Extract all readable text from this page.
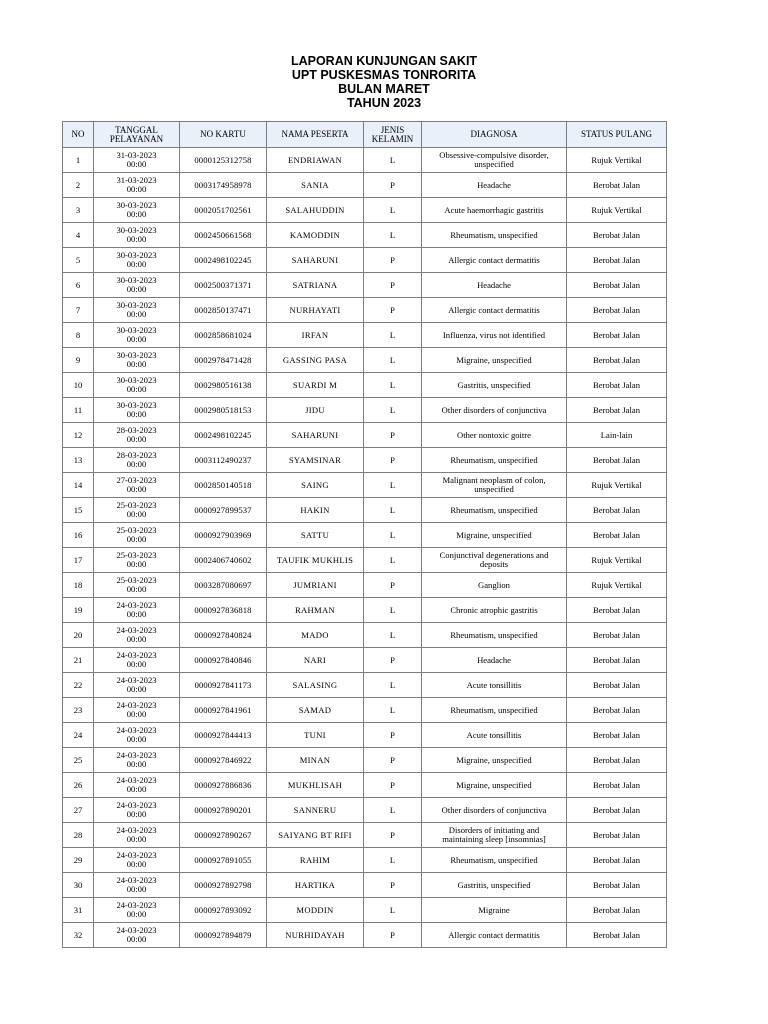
LAPORAN KUNJUNGAN SAKIT
UPT PUSKESMAS TONRORITA
BULAN MARET
TAHUN 2023
NO	TANGGAL
PELAYANAN	NO KARTU	NAMA PESERTA	JENIS
KELAMIN	DIAGNOSA	STATUS PULANG

1	31-03-2023
00:00	0000125312758	ENDRIAWAN	L	Obsessive-compulsive disorder,
unspecified	Rujuk Vertikal

2	31-03-2023
00:00	0003174958978	SANIA	P	Headache	Berobat Jalan

3	30-03-2023
00:00	0002051702561	SALAHUDDIN	L	Acute haemorrhagic gastritis	Rujuk Vertikal

4	30-03-2023
00:00	0002450661568	KAMODDIN	L	Rheumatism, unspecified	Berobat Jalan

5	30-03-2023
00:00	0002498102245	SAHARUNI	P	Allergic contact dermatitis	Berobat Jalan

6	30-03-2023
00:00	0002500371371	SATRIANA	P	Headache	Berobat Jalan

7	30-03-2023
00:00	0002850137471	NURHAYATI	P	Allergic contact dermatitis	Berobat Jalan

8	30-03-2023
00:00	0002858681024	IRFAN	L	Influenza, virus not identified	Berobat Jalan

9	30-03-2023
00:00	0002978471428	GASSING PASA	L	Migraine, unspecified	Berobat Jalan

10	30-03-2023
00:00	0002980516138	SUARDI M	L	Gastritis, unspecified	Berobat Jalan

11	30-03-2023
00:00	0002980518153	JIDU	L	Other disorders of conjunctiva	Berobat Jalan

12	28-03-2023
00:00	0002498102245	SAHARUNI	P	Other nontoxic goitre	Lain-lain

13	28-03-2023
00:00	0003112490237	SYAMSINAR	P	Rheumatism, unspecified	Berobat Jalan

14	27-03-2023
00:00	0002850140518	SAING	L	Malignant neoplasm of colon,
unspecified	Rujuk Vertikal

15	25-03-2023
00:00	0000927899537	HAKIN	L	Rheumatism, unspecified	Berobat Jalan

16	25-03-2023
00:00	0000927903969	SATTU	L	Migraine, unspecified	Berobat Jalan

17	25-03-2023
00:00	0002406740602	TAUFIK MUKHLIS	L	Conjunctival degenerations and
deposits	Rujuk Vertikal

18	25-03-2023
00:00	0003287080697	JUMRIANI	P	Ganglion	Rujuk Vertikal

19	24-03-2023
00:00	0000927836818	RAHMAN	L	Chronic atrophic gastritis	Berobat Jalan

20	24-03-2023
00:00	0000927840824	MADO	L	Rheumatism, unspecified	Berobat Jalan

21	24-03-2023
00:00	0000927840846	NARI	P	Headache	Berobat Jalan

22	24-03-2023
00:00	0000927841173	SALASING	L	Acute tonsillitis	Berobat Jalan

23	24-03-2023
00:00	0000927841961	SAMAD	L	Rheumatism, unspecified	Berobat Jalan

24	24-03-2023
00:00	0000927844413	TUNI	P	Acute tonsillitis	Berobat Jalan

25	24-03-2023
00:00	0000927846922	MINAN	P	Migraine, unspecified	Berobat Jalan

26	24-03-2023
00:00	0000927886836	MUKHLISAH	P	Migraine, unspecified	Berobat Jalan

27	24-03-2023
00:00	0000927890201	SANNERU	L	Other disorders of conjunctiva	Berobat Jalan

28	24-03-2023
00:00	0000927890267	SAIYANG BT RIFI	P	Disorders of initiating and
maintaining sleep [insomnias]	Berobat Jalan

29	24-03-2023
00:00	0000927891055	RAHIM	L	Rheumatism, unspecified	Berobat Jalan

30	24-03-2023
00:00	0000927892798	HARTIKA	P	Gastritis, unspecified	Berobat Jalan

31	24-03-2023
00:00	0000927893092	MODDIN	L	Migraine	Berobat Jalan

32	24-03-2023
00:00	0000927894879	NURHIDAYAH	P	Allergic contact dermatitis	Berobat Jalan
